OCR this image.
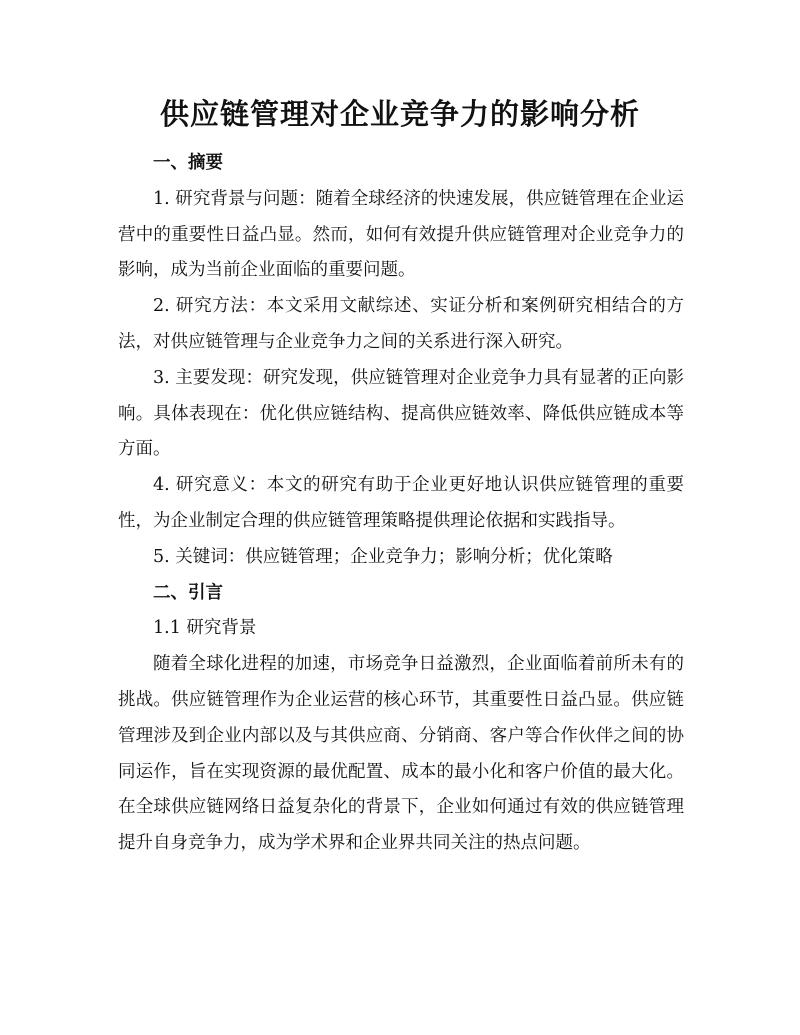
供应链管理对企业竞争力的影响分析

一、摘要

1. 研究背景与问题：随着全球经济的快速发展，供应链管理在企业运营中的重要性日益凸显。然而，如何有效提升供应链管理对企业竞争力的影响，成为当前企业面临的重要问题。

2. 研究方法：本文采用文献综述、实证分析和案例研究相结合的方法，对供应链管理与企业竞争力之间的关系进行深入研究。

3. 主要发现：研究发现，供应链管理对企业竞争力具有显著的正向影响。具体表现在：优化供应链结构、提高供应链效率、降低供应链成本等方面。

4. 研究意义：本文的研究有助于企业更好地认识供应链管理的重要性，为企业制定合理的供应链管理策略提供理论依据和实践指导。

5. 关键词：供应链管理；企业竞争力；影响分析；优化策略

二、引言

1.1 研究背景

随着全球化进程的加速，市场竞争日益激烈，企业面临着前所未有的挑战。供应链管理作为企业运营的核心环节，其重要性日益凸显。供应链管理涉及到企业内部以及与其供应商、分销商、客户等合作伙伴之间的协同运作，旨在实现资源的最优配置、成本的最小化和客户价值的最大化。在全球供应链网络日益复杂化的背景下，企业如何通过有效的供应链管理提升自身竞争力，成为学术界和企业界共同关注的热点问题。
